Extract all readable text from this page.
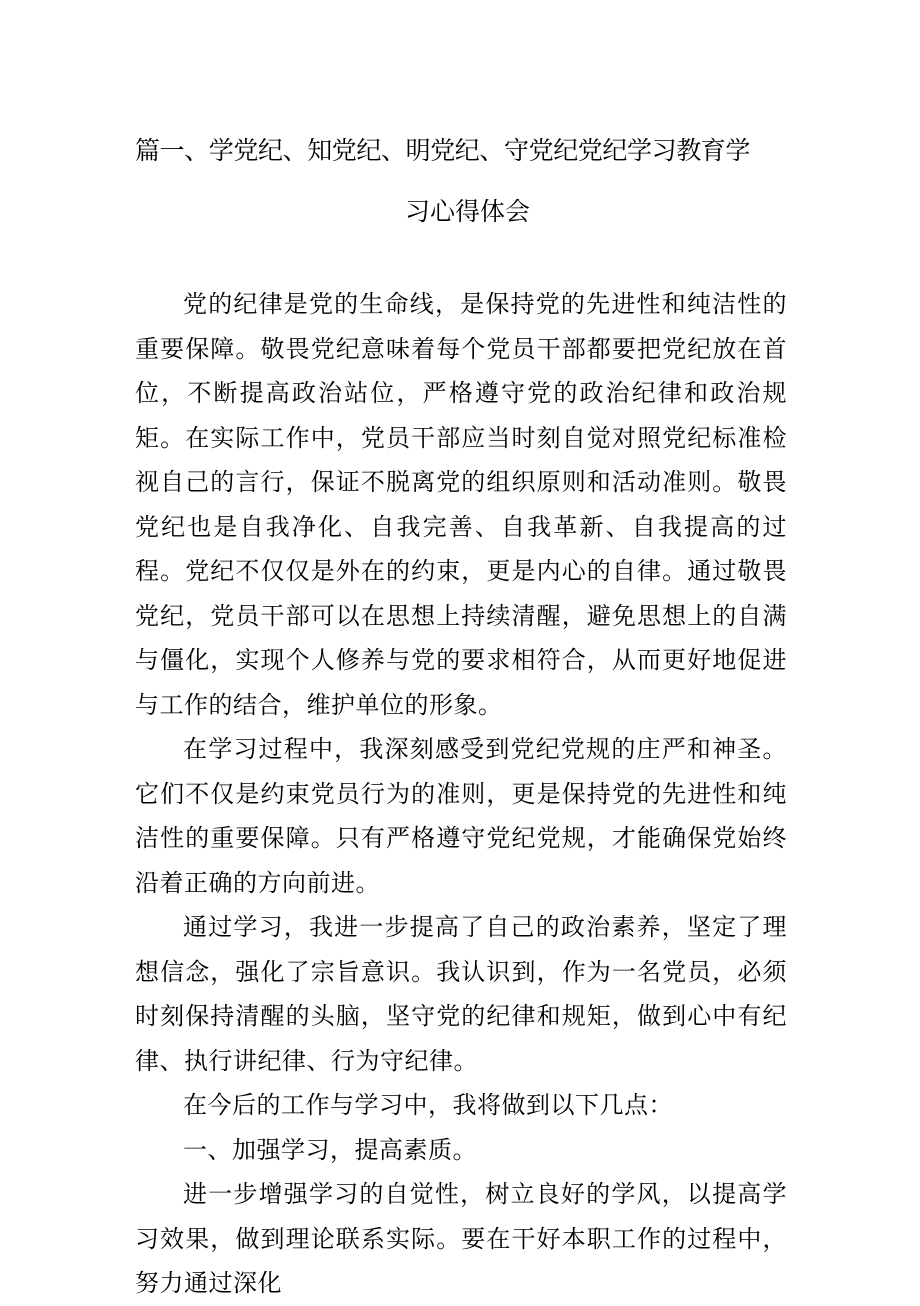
篇一、学党纪、知党纪、明党纪、守党纪党纪学习教育学
习心得体会

党的纪律是党的生命线，是保持党的先进性和纯洁性的重要保障。敬畏党纪意味着每个党员干部都要把党纪放在首位，不断提高政治站位，严格遵守党的政治纪律和政治规矩。在实际工作中，党员干部应当时刻自觉对照党纪标准检视自己的言行，保证不脱离党的组织原则和活动准则。敬畏党纪也是自我净化、自我完善、自我革新、自我提高的过程。党纪不仅仅是外在的约束，更是内心的自律。通过敬畏党纪，党员干部可以在思想上持续清醒，避免思想上的自满与僵化，实现个人修养与党的要求相符合，从而更好地促进与工作的结合，维护单位的形象。

在学习过程中，我深刻感受到党纪党规的庄严和神圣。它们不仅是约束党员行为的准则，更是保持党的先进性和纯洁性的重要保障。只有严格遵守党纪党规，才能确保党始终沿着正确的方向前进。

通过学习，我进一步提高了自己的政治素养，坚定了理想信念，强化了宗旨意识。我认识到，作为一名党员，必须时刻保持清醒的头脑，坚守党的纪律和规矩，做到心中有纪律、执行讲纪律、行为守纪律。

在今后的工作与学习中，我将做到以下几点：

一、加强学习，提高素质。

进一步增强学习的自觉性，树立良好的学风，以提高学习效果，做到理论联系实际。要在干好本职工作的过程中，努力通过深化
